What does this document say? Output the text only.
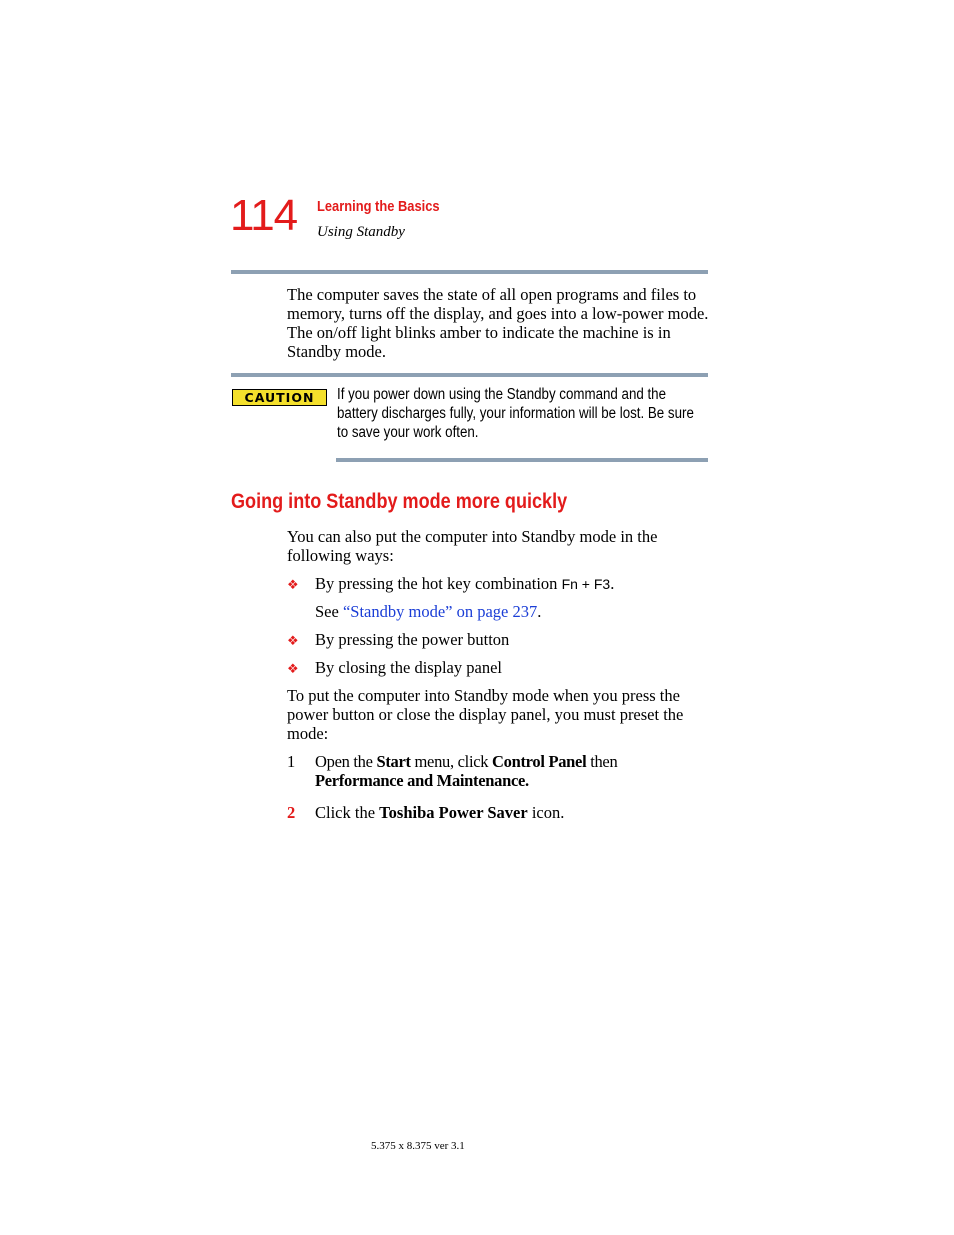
114 Learning the Basics
Using Standby
The computer saves the state of all open programs and files to memory, turns off the display, and goes into a low-power mode. The on/off light blinks amber to indicate the machine is in Standby mode.
CAUTION	If you power down using the Standby command and the battery discharges fully, your information will be lost. Be sure to save your work often.
Going into Standby mode more quickly
You can also put the computer into Standby mode in the following ways:
❖ By pressing the hot key combination Fn + F3.
See “Standby mode” on page 237.
❖ By pressing the power button
❖ By closing the display panel
To put the computer into Standby mode when you press the power button or close the display panel, you must preset the mode:
1 Open the Start menu, click Control Panel then
Performance and Maintenance.
2 Click the Toshiba Power Saver icon.
5.375 x 8.375 ver 3.1
